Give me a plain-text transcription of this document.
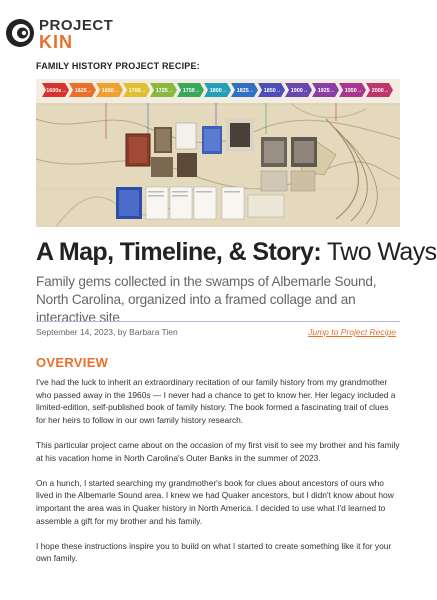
PROJECT
KIN
FAMILY HISTORY PROJECT RECIPE:
1600s→ 1625→ 1650→ 1700→ 1725→ 1750→ 1800→ 1825→ 1850→ 1900→ 1925→ 1950→ 2000→
A Map, Timeline, & Story: Two Ways
Family gems collected in the swamps of Albemarle Sound, North Carolina, organized into a framed collage and an interactive site
September 14, 2023, by Barbara Tien	Jump to Project Recipe
OVERVIEW

I've had the luck to inherit an extraordinary recitation of our family history from my grandmother who passed away in the 1960s — I never had a chance to get to know her. Her legacy included a limited-edition, self-published book of family history. The book formed a fascinating trail of clues for her heirs to follow in our own family history research.

This particular project came about on the occasion of my first visit to see my brother and his family at his vacation home in North Carolina's Outer Banks in the summer of 2023.

On a hunch, I started searching my grandmother's book for clues about ancestors of ours who lived in the Albemarle Sound area. I knew we had Quaker ancestors, but I didn't know about how important the area was in Quaker history in North America. I decided to use what I'd learned to assemble a gift for my brother and his family.

I hope these instructions inspire you to build on what I started to create something like it for your own family.
